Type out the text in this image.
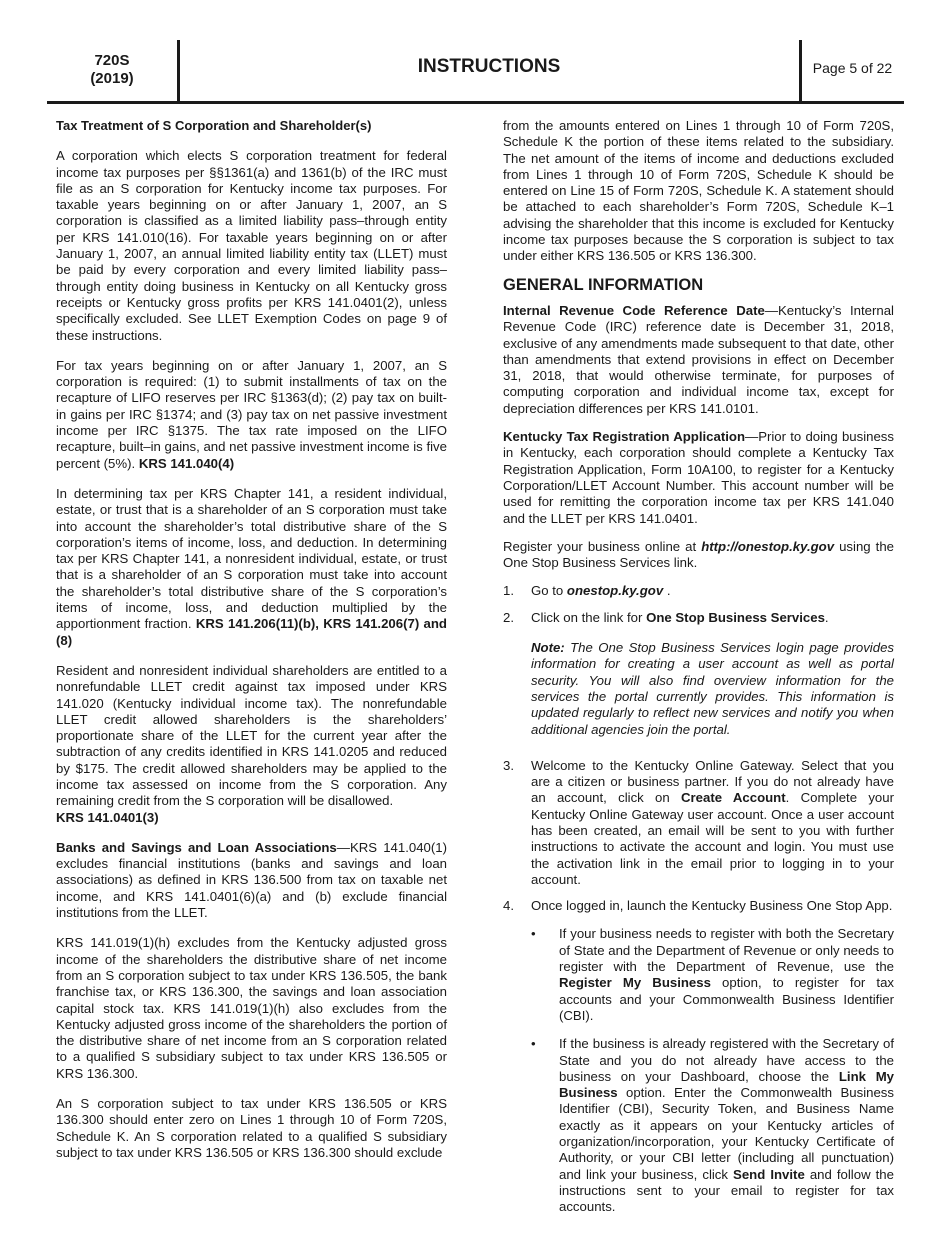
720S
(2019)
INSTRUCTIONS	Page 5 of 22
Tax Treatment of S Corporation and Shareholder(s)

A corporation which elects S corporation treatment for federal income tax purposes per §§1361(a) and 1361(b) of the IRC must file as an S corporation for Kentucky income tax purposes. For taxable years beginning on or after January 1, 2007, an S corporation is classified as a limited liability pass–through entity per KRS 141.010(16). For taxable years beginning on or after January 1, 2007, an annual limited liability entity tax (LLET) must be paid by every corporation and every limited liability pass–through entity doing business in Kentucky on all Kentucky gross receipts or Kentucky gross profits per KRS 141.0401(2), unless specifically excluded. See LLET Exemption Codes on page 9 of these instructions.

For tax years beginning on or after January 1, 2007, an S corporation is required: (1) to submit installments of tax on the recapture of LIFO reserves per IRC §1363(d); (2) pay tax on built-in gains per IRC §1374; and (3) pay tax on net passive investment income per IRC §1375. The tax rate imposed on the LIFO recapture, built–in gains, and net passive investment income is five percent (5%). KRS 141.040(4)

In determining tax per KRS Chapter 141, a resident individual, estate, or trust that is a shareholder of an S corporation must take into account the shareholder’s total distributive share of the S corporation’s items of income, loss, and deduction. In determining tax per KRS Chapter 141, a nonresident individual, estate, or trust that is a shareholder of an S corporation must take into account the shareholder’s total distributive share of the S corporation’s items of income, loss, and deduction multiplied by the apportionment fraction. KRS 141.206(11)(b), KRS 141.206(7) and (8)

Resident and nonresident individual shareholders are entitled to a nonrefundable LLET credit against tax imposed under KRS 141.020 (Kentucky individual income tax). The nonrefundable LLET credit allowed shareholders is the shareholders’ proportionate share of the LLET for the current year after the subtraction of any credits identified in KRS 141.0205 and reduced by $175. The credit allowed shareholders may be applied to the income tax assessed on income from the S corporation. Any remaining credit from the S corporation will be disallowed.
KRS 141.0401(3)

Banks and Savings and Loan Associations—KRS 141.040(1) excludes financial institutions (banks and savings and loan associations) as defined in KRS 136.500 from tax on taxable net income, and KRS 141.0401(6)(a) and (b) exclude financial institutions from the LLET.

KRS 141.019(1)(h) excludes from the Kentucky adjusted gross income of the shareholders the distributive share of net income from an S corporation subject to tax under KRS 136.505, the bank franchise tax, or KRS 136.300, the savings and loan association capital stock tax. KRS 141.019(1)(h) also excludes from the Kentucky adjusted gross income of the shareholders the portion of the distributive share of net income from an S corporation related to a qualified S subsidiary subject to tax under KRS 136.505 or KRS 136.300.

An S corporation subject to tax under KRS 136.505 or KRS 136.300 should enter zero on Lines 1 through 10 of Form 720S, Schedule K. An S corporation related to a qualified S subsidiary subject to tax under KRS 136.505 or KRS 136.300 should exclude

from the amounts entered on Lines 1 through 10 of Form 720S, Schedule K the portion of these items related to the subsidiary. The net amount of the items of income and deductions excluded from Lines 1 through 10 of Form 720S, Schedule K should be entered on Line 15 of Form 720S, Schedule K. A statement should be attached to each shareholder’s Form 720S, Schedule K–1 advising the shareholder that this income is excluded for Kentucky income tax purposes because the S corporation is subject to tax under either KRS 136.505 or KRS 136.300.

GENERAL INFORMATION

Internal Revenue Code Reference Date—Kentucky’s Internal Revenue Code (IRC) reference date is December 31, 2018, exclusive of any amendments made subsequent to that date, other than amendments that extend provisions in effect on December 31, 2018, that would otherwise terminate, for purposes of computing corporation and individual income tax, except for depreciation differences per KRS 141.0101.

Kentucky Tax Registration Application—Prior to doing business in Kentucky, each corporation should complete a Kentucky Tax Registration Application, Form 10A100, to register for a Kentucky Corporation/LLET Account Number. This account number will be used for remitting the corporation income tax per KRS 141.040 and the LLET per KRS 141.0401.

Register your business online at http://onestop.ky.gov using the One Stop Business Services link.

1.	Go to onestop.ky.gov .
2.	Click on the link for One Stop Business Services.
Note: The One Stop Business Services login page provides information for creating a user account as well as portal security. You will also find overview information for the services the portal currently provides. This information is updated regularly to reflect new services and notify you when additional agencies join the portal.
3.	Welcome to the Kentucky Online Gateway. Select that you are a citizen or business partner. If you do not already have an account, click on Create Account. Complete your Kentucky Online Gateway user account. Once a user account has been created, an email will be sent to you with further instructions to activate the account and login. You must use the activation link in the email prior to logging in to your account.
4.	Once logged in, launch the Kentucky Business One Stop App.
•	If your business needs to register with both the Secretary of State and the Department of Revenue or only needs to register with the Department of Revenue, use the Register My Business option, to register for tax accounts and your Commonwealth Business Identifier (CBI).
•	If the business is already registered with the Secretary of State and you do not already have access to the business on your Dashboard, choose the Link My Business option. Enter the Commonwealth Business Identifier (CBI), Security Token, and Business Name exactly as it appears on your Kentucky articles of organization/incorporation, your Kentucky Certificate of Authority, or your CBI letter (including all punctuation) and link your business, click Send Invite and follow the instructions sent to your email to register for tax accounts.
